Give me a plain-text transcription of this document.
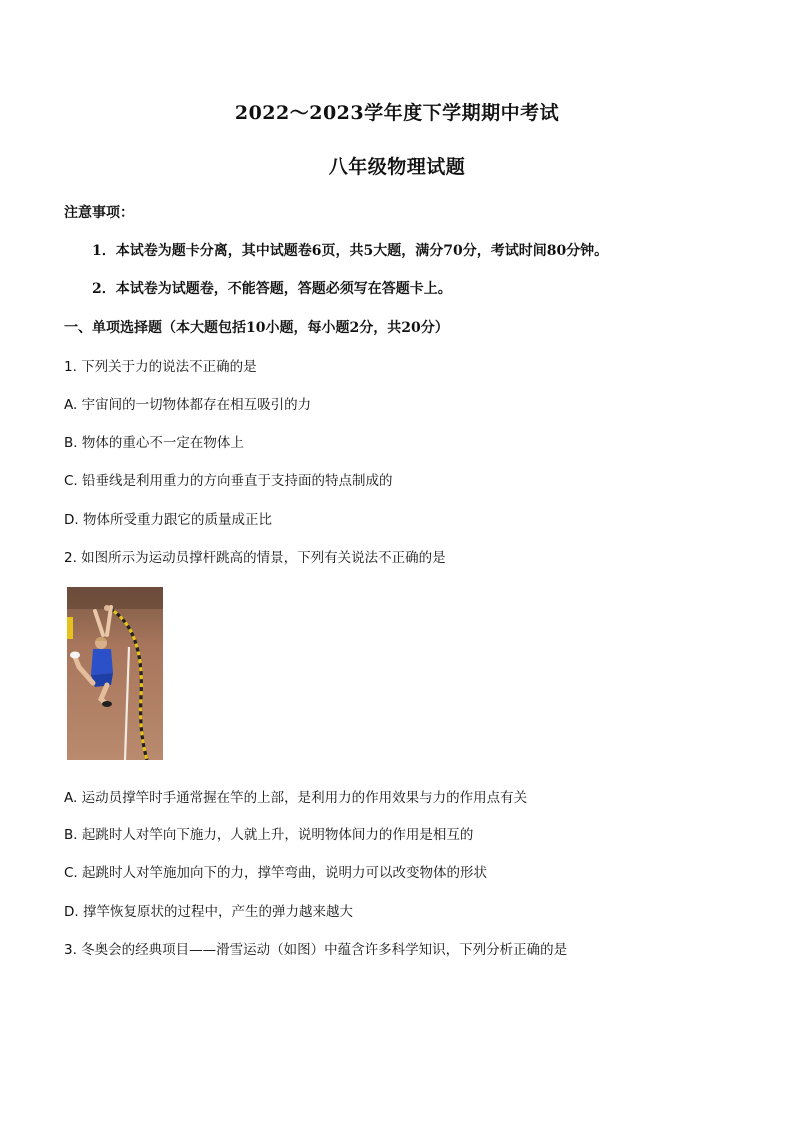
2022～2023学年度下学期期中考试
八年级物理试题
注意事项：
1．本试卷为题卡分离，其中试题卷6页，共5大题，满分70分，考试时间80分钟。
2．本试卷为试题卷，不能答题，答题必须写在答题卡上。
一、单项选择题（本大题包括10小题，每小题2分，共20分）
1. 下列关于力的说法不正确的是
A. 宇宙间的一切物体都存在相互吸引的力
B. 物体的重心不一定在物体上
C. 铅垂线是利用重力的方向垂直于支持面的特点制成的
D. 物体所受重力跟它的质量成正比
2. 如图所示为运动员撑杆跳高的情景，下列有关说法不正确的是
A. 运动员撑竿时手通常握在竿的上部，是利用力的作用效果与力的作用点有关
B. 起跳时人对竿向下施力，人就上升，说明物体间力的作用是相互的
C. 起跳时人对竿施加向下的力，撑竿弯曲，说明力可以改变物体的形状
D. 撑竿恢复原状的过程中，产生的弹力越来越大
3. 冬奥会的经典项目——滑雪运动（如图）中蕴含许多科学知识，下列分析正确的是
